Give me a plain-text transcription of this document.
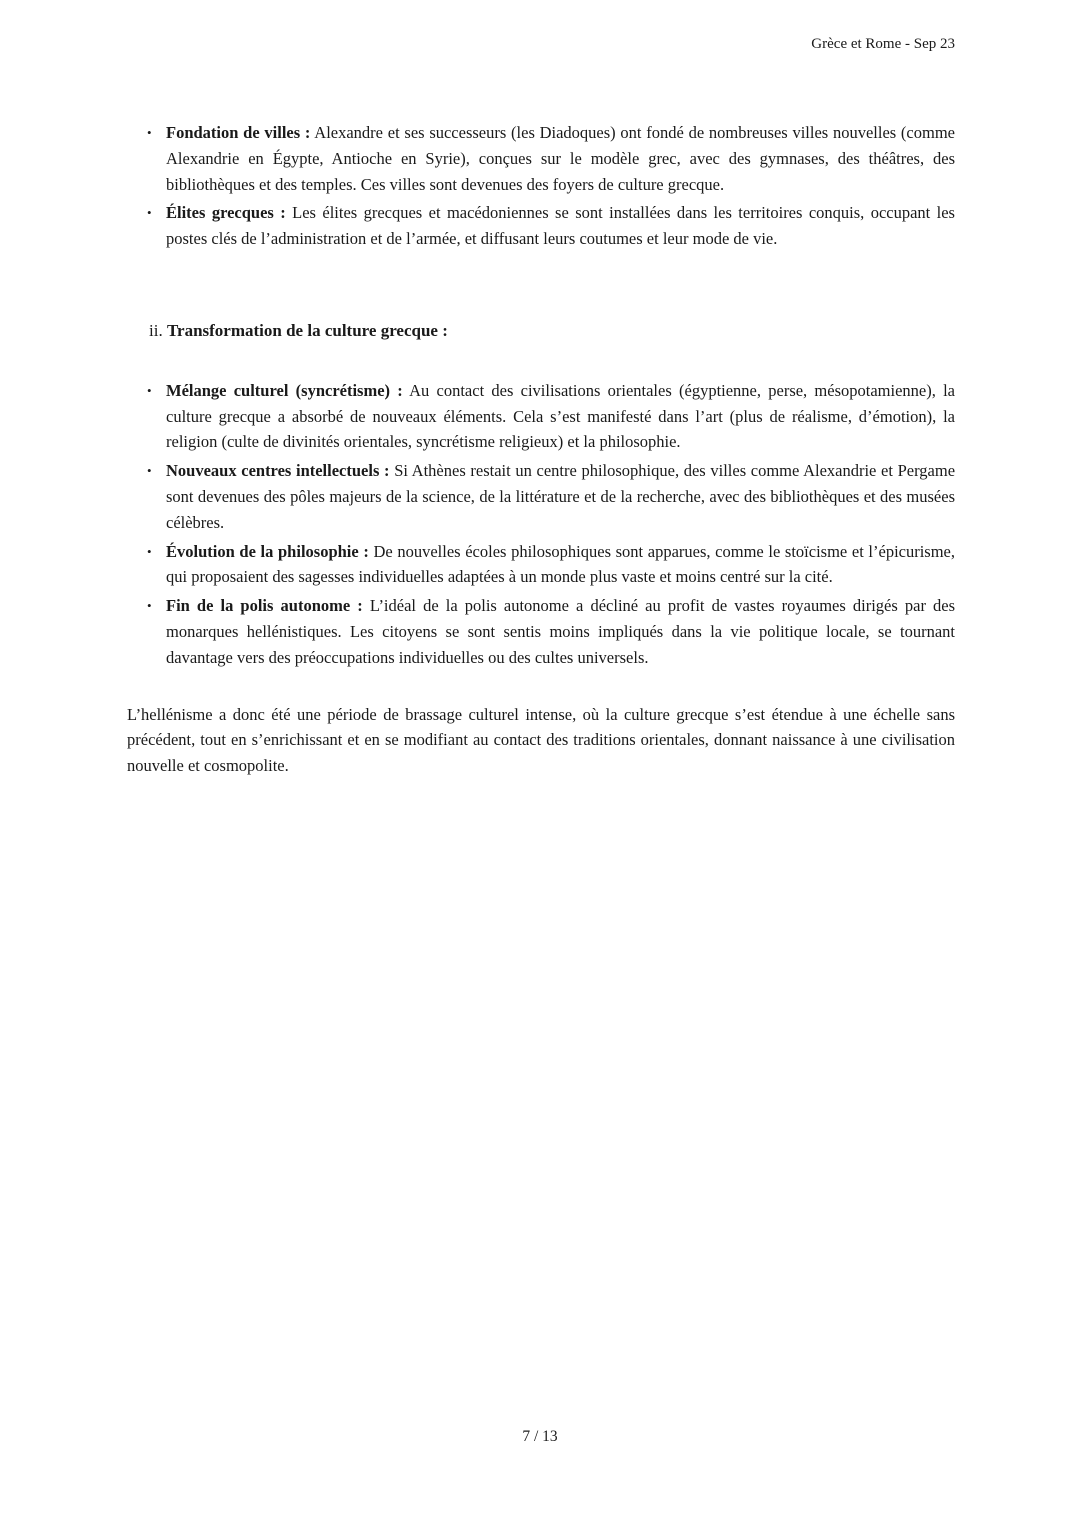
Grèce et Rome - Sep 23
• Fondation de villes : Alexandre et ses successeurs (les Diadoques) ont fondé de nombreuses villes nouvelles (comme Alexandrie en Égypte, Antioche en Syrie), conçues sur le modèle grec, avec des gymnases, des théâtres, des bibliothèques et des temples. Ces villes sont devenues des foyers de culture grecque.
• Élites grecques : Les élites grecques et macédoniennes se sont installées dans les territoires conquis, occupant les postes clés de l’administration et de l’armée, et diffusant leurs coutumes et leur mode de vie.

ii. Transformation de la culture grecque :

• Mélange culturel (syncrétisme) : Au contact des civilisations orientales (égyptienne, perse, mésopotamienne), la culture grecque a absorbé de nouveaux éléments. Cela s’est manifesté dans l’art (plus de réalisme, d’émotion), la religion (culte de divinités orientales, syncrétisme religieux) et la philosophie.
• Nouveaux centres intellectuels : Si Athènes restait un centre philosophique, des villes comme Alexandrie et Pergame sont devenues des pôles majeurs de la science, de la littérature et de la recherche, avec des bibliothèques et des musées célèbres.
• Évolution de la philosophie : De nouvelles écoles philosophiques sont apparues, comme le stoïcisme et l’épicurisme, qui proposaient des sagesses individuelles adaptées à un monde plus vaste et moins centré sur la cité.
• Fin de la polis autonome : L’idéal de la polis autonome a décliné au profit de vastes royaumes dirigés par des monarques hellénistiques. Les citoyens se sont sentis moins impliqués dans la vie politique locale, se tournant davantage vers des préoccupations individuelles ou des cultes universels.

L’hellénisme a donc été une période de brassage culturel intense, où la culture grecque s’est étendue à une échelle sans précédent, tout en s’enrichissant et en se modifiant au contact des traditions orientales, donnant naissance à une civilisation nouvelle et cosmopolite.

7 / 13
